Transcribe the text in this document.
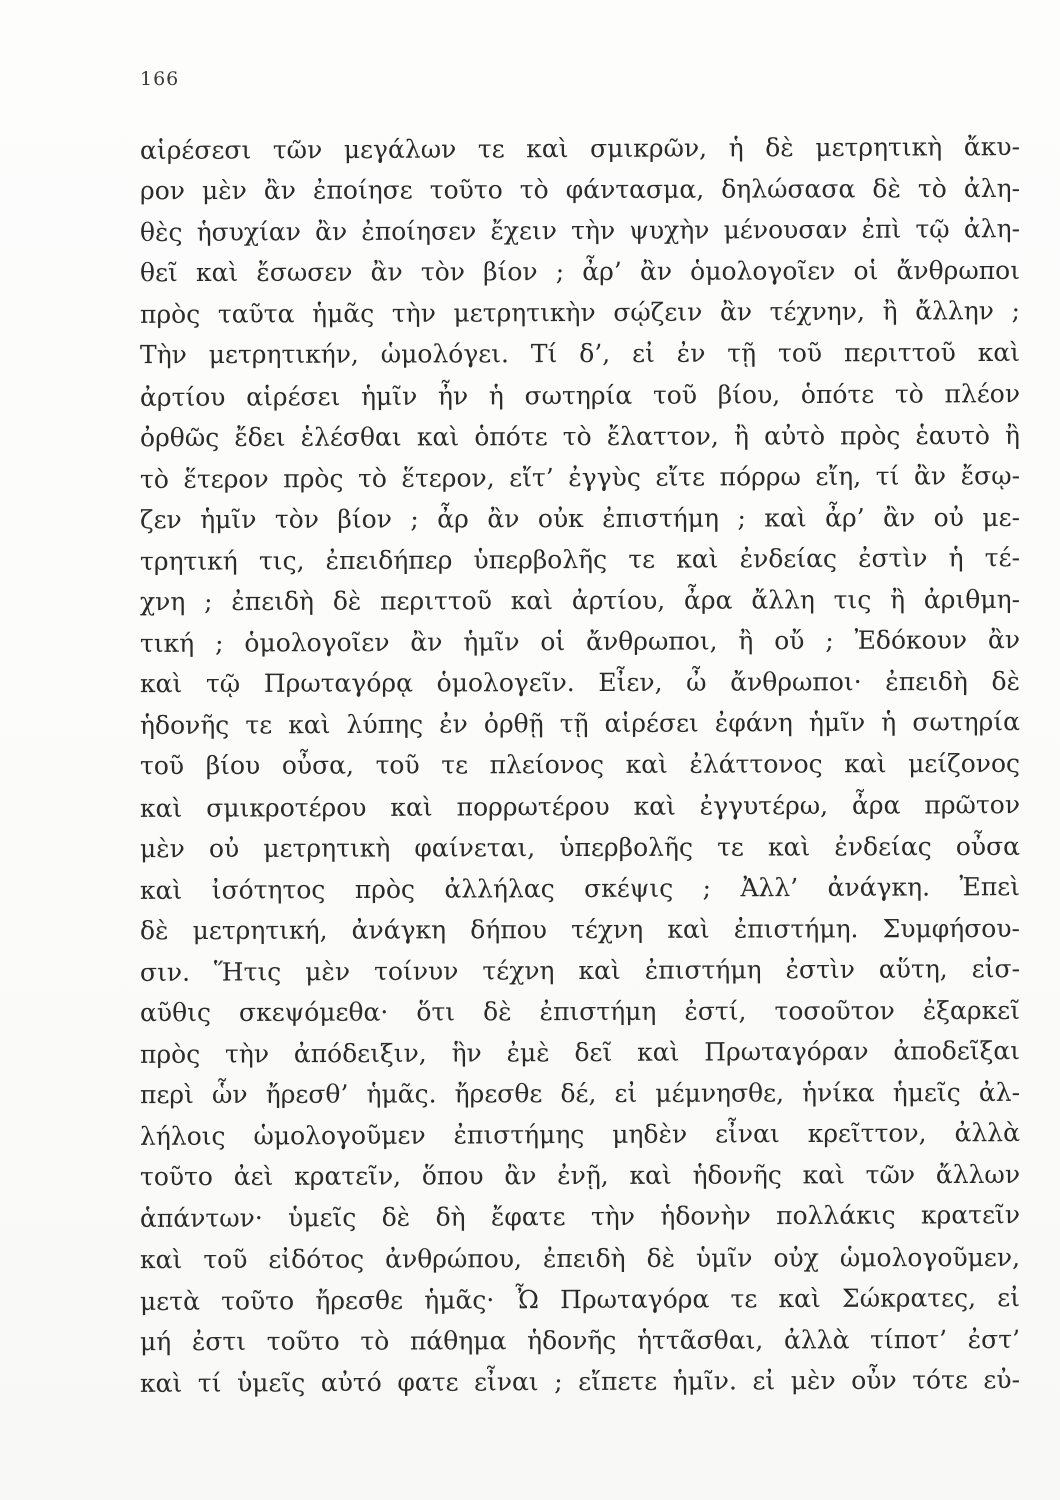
166
αἱρέσεσι τῶν μεγάλων τε καὶ σμικρῶν, ἡ δὲ μετρητικὴ ἄκυ-
ρον μὲν ἂν ἐποίησε τοῦτο τὸ φάντασμα, δηλώσασα δὲ τὸ ἀλη-
θὲς ἡσυχίαν ἂν ἐποίησεν ἔχειν τὴν ψυχὴν μένουσαν ἐπὶ τῷ ἀλη-
θεῖ καὶ ἔσωσεν ἂν τὸν βίον ; ἆρ’ ἂν ὁμολογοῖεν οἱ ἄνθρωποι
πρὸς ταῦτα ἡμᾶς τὴν μετρητικὴν σῴζειν ἂν τέχνην, ἢ ἄλλην ;
Τὴν μετρητικήν, ὡμολόγει. Τί δ’, εἰ ἐν τῇ τοῦ περιττοῦ καὶ
ἀρτίου αἱρέσει ἡμῖν ἦν ἡ σωτηρία τοῦ βίου, ὁπότε τὸ πλέον
ὀρθῶς ἔδει ἑλέσθαι καὶ ὁπότε τὸ ἔλαττον, ἢ αὐτὸ πρὸς ἑαυτὸ ἢ
τὸ ἕτερον πρὸς τὸ ἕτερον, εἴτ’ ἐγγὺς εἴτε πόρρω εἴη, τί ἂν ἔσῳ-
ζεν ἡμῖν τὸν βίον ; ἆρ ἂν οὐκ ἐπιστήμη ; καὶ ἆρ’ ἂν οὐ με-
τρητική τις, ἐπειδήπερ ὑπερβολῆς τε καὶ ἐνδείας ἐστὶν ἡ τέ-
χνη ; ἐπειδὴ δὲ περιττοῦ καὶ ἀρτίου, ἆρα ἄλλη τις ἢ ἀριθμη-
τική ; ὁμολογοῖεν ἂν ἡμῖν οἱ ἄνθρωποι, ἢ οὔ ; Ἐδόκουν ἂν
καὶ τῷ Πρωταγόρᾳ ὁμολογεῖν. Εἶεν, ὦ ἄνθρωποι· ἐπειδὴ δὲ
ἡδονῆς τε καὶ λύπης ἐν ὀρθῇ τῇ αἱρέσει ἐφάνη ἡμῖν ἡ σωτηρία
τοῦ βίου οὖσα, τοῦ τε πλείονος καὶ ἐλάττονος καὶ μείζονος
καὶ σμικροτέρου καὶ πορρωτέρου καὶ ἐγγυτέρω, ἆρα πρῶτον
μὲν οὐ μετρητικὴ φαίνεται, ὑπερβολῆς τε καὶ ἐνδείας οὖσα
καὶ ἰσότητος πρὸς ἀλλήλας σκέψις ; Ἀλλ’ ἀνάγκη. Ἐπεὶ
δὲ μετρητική, ἀνάγκη δήπου τέχνη καὶ ἐπιστήμη. Συμφήσου-
σιν. Ἥτις μὲν τοίνυν τέχνη καὶ ἐπιστήμη ἐστὶν αὕτη, εἰσ-
αῦθις σκεψόμεθα· ὅτι δὲ ἐπιστήμη ἐστί, τοσοῦτον ἐξαρκεῖ
πρὸς τὴν ἀπόδειξιν, ἣν ἐμὲ δεῖ καὶ Πρωταγόραν ἀποδεῖξαι
περὶ ὧν ἤρεσθ’ ἡμᾶς. ἤρεσθε δέ, εἰ μέμνησθε, ἡνίκα ἡμεῖς ἀλ-
λήλοις ὡμολογοῦμεν ἐπιστήμης μηδὲν εἶναι κρεῖττον, ἀλλὰ
τοῦτο ἀεὶ κρατεῖν, ὅπου ἂν ἐνῇ, καὶ ἡδονῆς καὶ τῶν ἄλλων
ἁπάντων· ὑμεῖς δὲ δὴ ἔφατε τὴν ἡδονὴν πολλάκις κρατεῖν
καὶ τοῦ εἰδότος ἀνθρώπου, ἐπειδὴ δὲ ὑμῖν οὐχ ὡμολογοῦμεν,
μετὰ τοῦτο ἤρεσθε ἡμᾶς· Ὦ Πρωταγόρα τε καὶ Σώκρατες, εἰ
μή ἐστι τοῦτο τὸ πάθημα ἡδονῆς ἡττᾶσθαι, ἀλλὰ τίποτ’ ἐστ’
καὶ τί ὑμεῖς αὐτό φατε εἶναι ; εἴπετε ἡμῖν. εἰ μὲν οὖν τότε εὐ-
